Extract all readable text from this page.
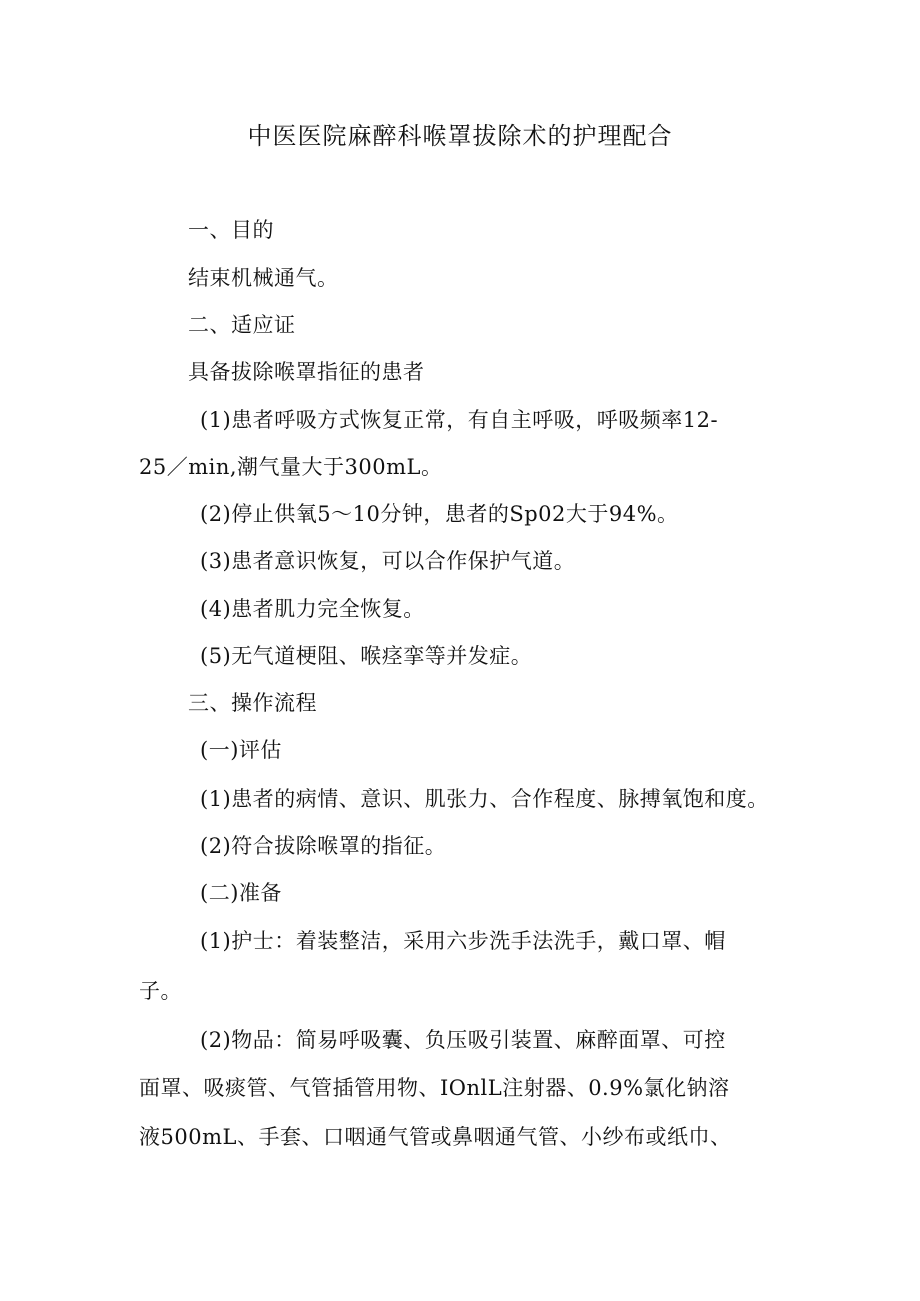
中医医院麻醉科喉罩拔除术的护理配合
一、目的
结束机械通气。
二、适应证
具备拔除喉罩指征的患者
(1)患者呼吸方式恢复正常，有自主呼吸，呼吸频率12-
25／min,潮气量大于300mL。
(2)停止供氧5～10分钟，患者的Sp02大于94%。
(3)患者意识恢复，可以合作保护气道。
(4)患者肌力完全恢复。
(5)无气道梗阻、喉痉挛等并发症。
三、操作流程
(一)评估
(1)患者的病情、意识、肌张力、合作程度、脉搏氧饱和度。
(2)符合拔除喉罩的指征。
(二)准备
(1)护士：着装整洁，采用六步洗手法洗手，戴口罩、帽
子。
(2)物品：简易呼吸囊、负压吸引装置、麻醉面罩、可控
面罩、吸痰管、气管插管用物、IOnlL注射器、0.9%氯化钠溶
液500mL、手套、口咽通气管或鼻咽通气管、小纱布或纸巾、
